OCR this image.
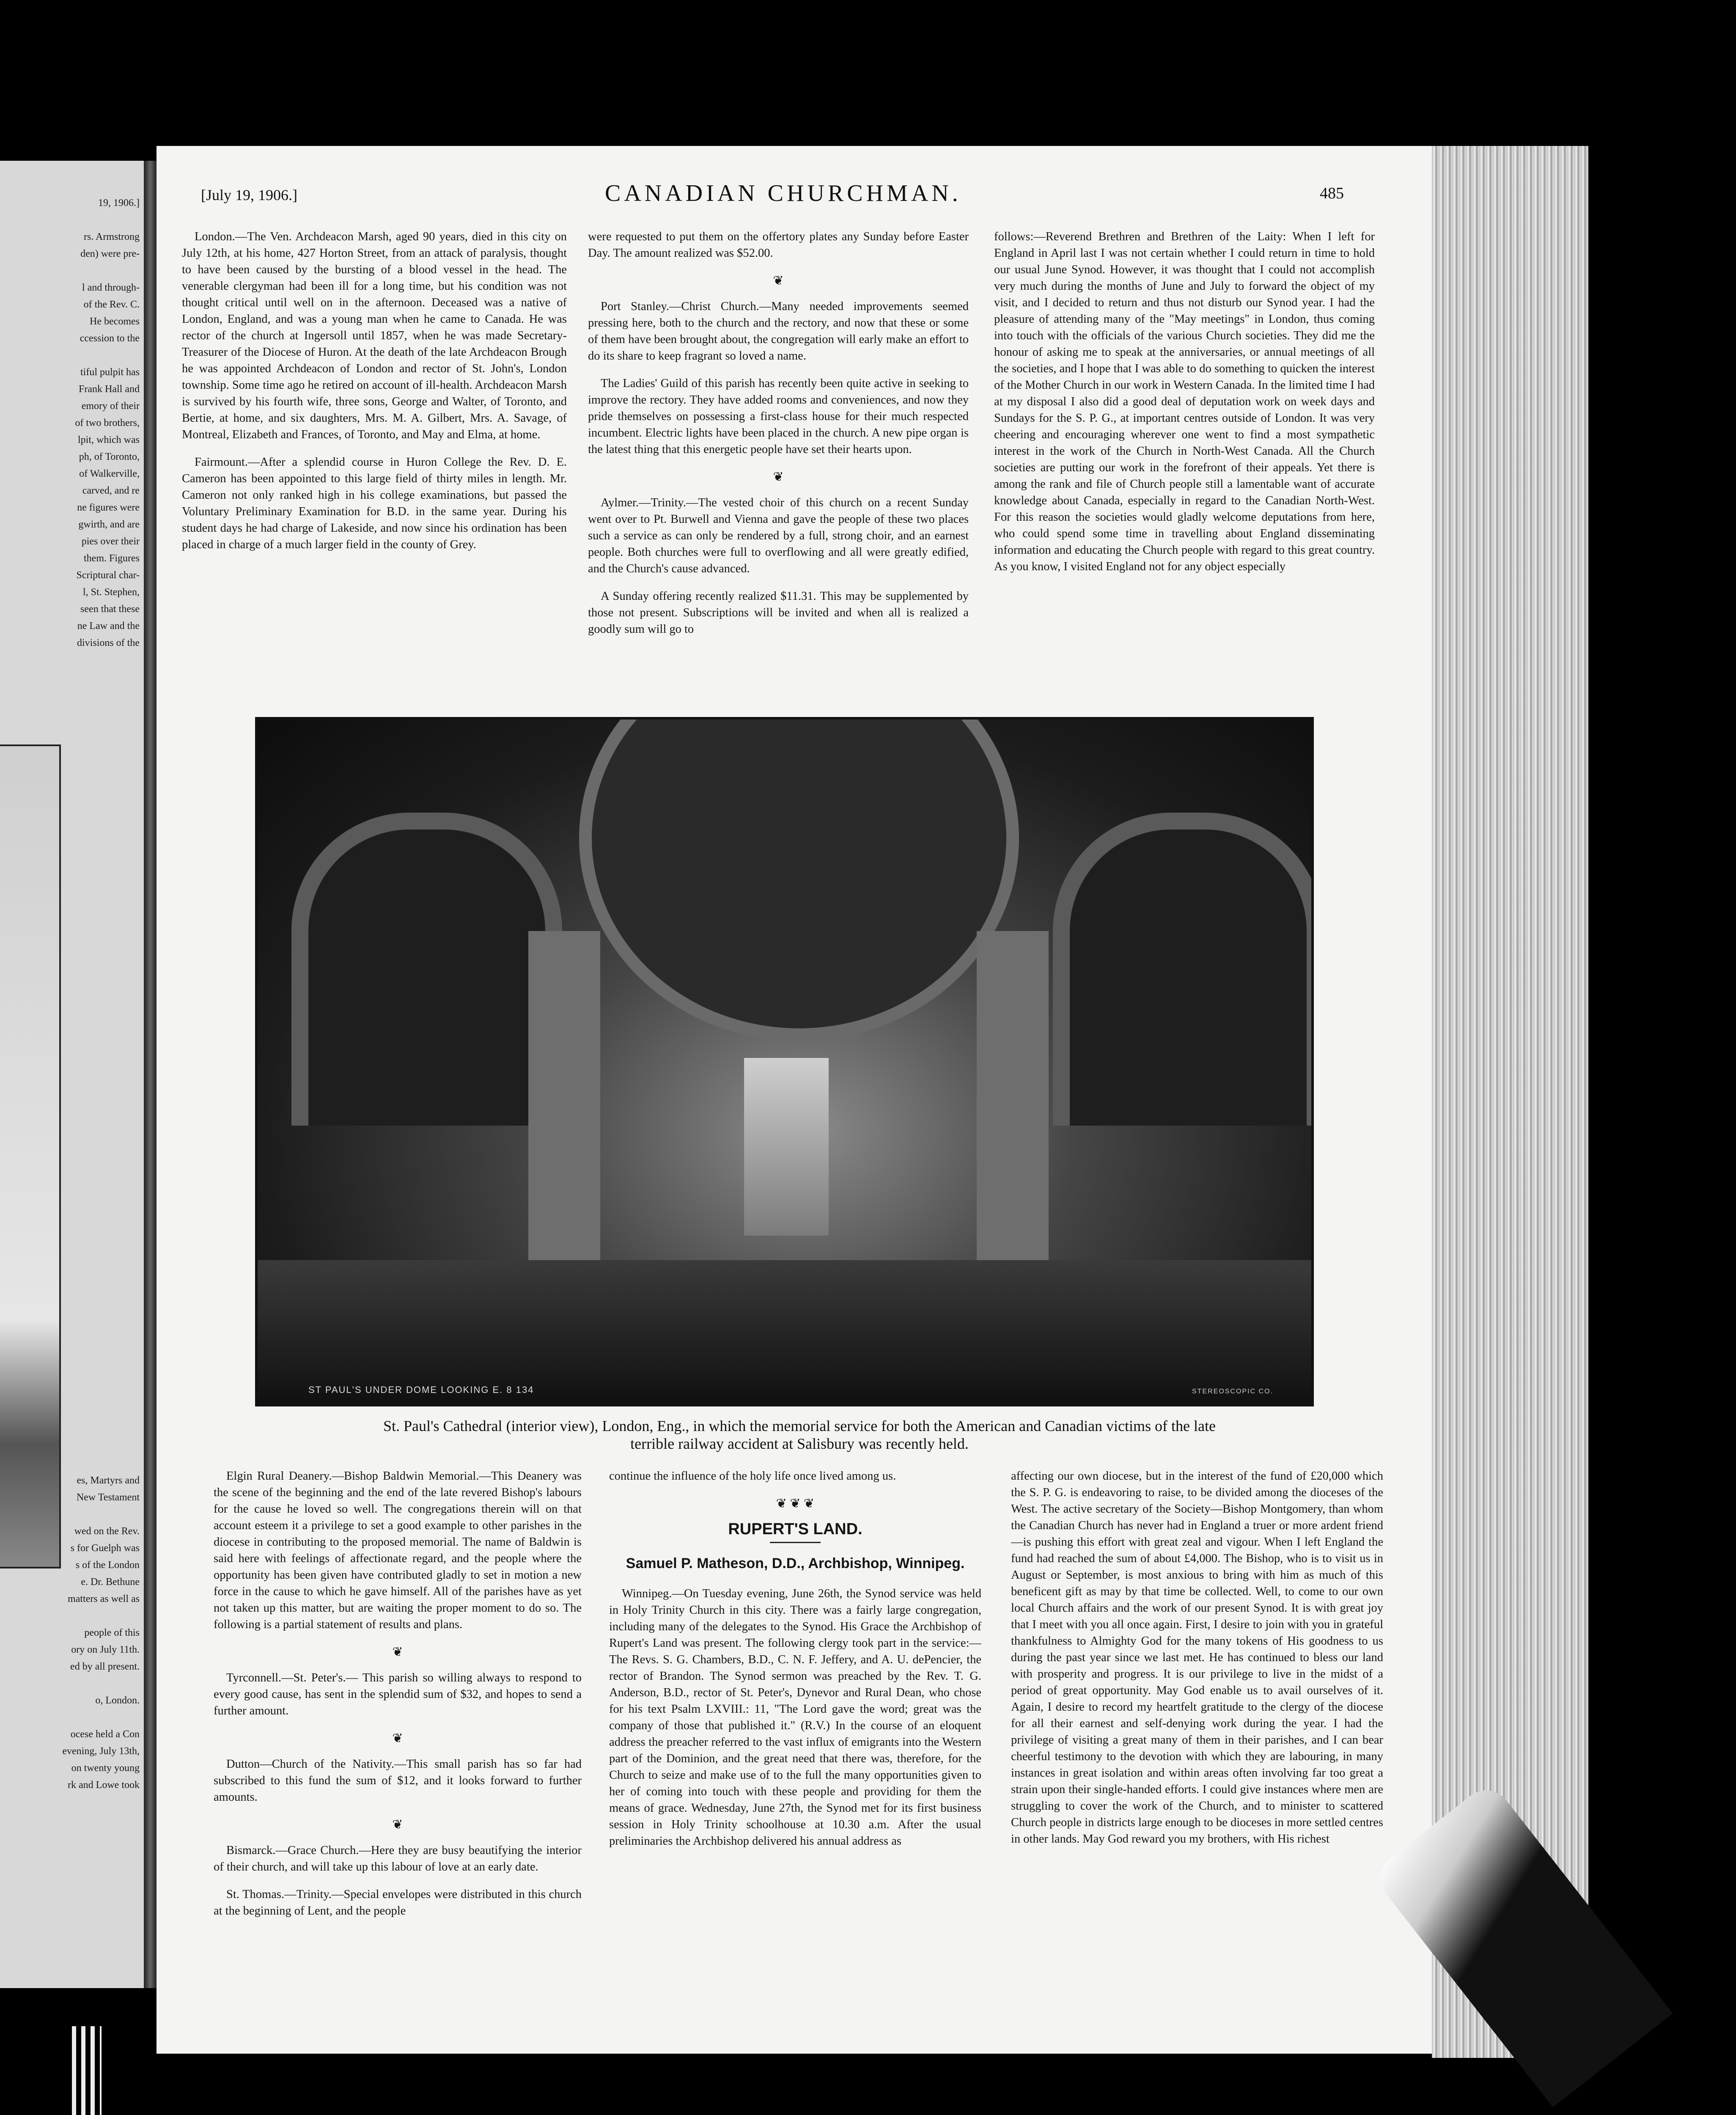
19, 1906.]

rs. Armstrong
den) were pre-

l and through-
of the Rev. C.
He becomes
ccession to the

tiful pulpit has
Frank Hall and
emory of their
of two brothers,
lpit, which was
ph, of Toronto,
of Walkerville,
carved, and re
ne figures were
gwirth, and are
pies over their
them. Figures
Scriptural char-
l, St. Stephen,
seen that these
ne Law and the
divisions of the
es, Martyrs and
New Testament

wed on the Rev.
s for Guelph was
s of the London
e. Dr. Bethune
matters as well as

people of this
ory on July 11th.
ed by all present.

o, London.

ocese held a Con
evening, July 13th,
on twenty young
rk and Lowe took
[July 19, 1906.]	CANADIAN CHURCHMAN.	485

London.—The Ven. Archdeacon Marsh, aged 90 years, died in this city on July 12th, at his home, 427 Horton Street, from an attack of paralysis, thought to have been caused by the bursting of a blood vessel in the head. The venerable clergyman had been ill for a long time, but his condition was not thought critical until well on in the afternoon. Deceased was a native of London, England, and was a young man when he came to Canada. He was rector of the church at Ingersoll until 1857, when he was made Secretary-Treasurer of the Diocese of Huron. At the death of the late Archdeacon Brough he was appointed Archdeacon of London and rector of St. John's, London township. Some time ago he retired on account of ill-health. Archdeacon Marsh is survived by his fourth wife, three sons, George and Walter, of Toronto, and Bertie, at home, and six daughters, Mrs. M. A. Gilbert, Mrs. A. Savage, of Montreal, Elizabeth and Frances, of Toronto, and May and Elma, at home.

Fairmount.—After a splendid course in Huron College the Rev. D. E. Cameron has been appointed to this large field of thirty miles in length. Mr. Cameron not only ranked high in his college examinations, but passed the Voluntary Preliminary Examination for B.D. in the same year. During his student days he had charge of Lakeside, and now since his ordination has been placed in charge of a much larger field in the county of Grey.

were requested to put them on the offertory plates any Sunday before Easter Day. The amount realized was $52.00.

❦

Port Stanley.—Christ Church.—Many needed improvements seemed pressing here, both to the church and the rectory, and now that these or some of them have been brought about, the congregation will early make an effort to do its share to keep fragrant so loved a name.

The Ladies' Guild of this parish has recently been quite active in seeking to improve the rectory. They have added rooms and conveniences, and now they pride themselves on possessing a first-class house for their much respected incumbent. Electric lights have been placed in the church. A new pipe organ is the latest thing that this energetic people have set their hearts upon.

❦

Aylmer.—Trinity.—The vested choir of this church on a recent Sunday went over to Pt. Burwell and Vienna and gave the people of these two places such a service as can only be rendered by a full, strong choir, and an earnest people. Both churches were full to overflowing and all were greatly edified, and the Church's cause advanced.

A Sunday offering recently realized $11.31. This may be supplemented by those not present. Subscriptions will be invited and when all is realized a goodly sum will go to

follows:—Reverend Brethren and Brethren of the Laity: When I left for England in April last I was not certain whether I could return in time to hold our usual June Synod. However, it was thought that I could not accomplish very much during the months of June and July to forward the object of my visit, and I decided to return and thus not disturb our Synod year. I had the pleasure of attending many of the "May meetings" in London, thus coming into touch with the officials of the various Church societies. They did me the honour of asking me to speak at the anniversaries, or annual meetings of all the societies, and I hope that I was able to do something to quicken the interest of the Mother Church in our work in Western Canada. In the limited time I had at my disposal I also did a good deal of deputation work on week days and Sundays for the S. P. G., at important centres outside of London. It was very cheering and encouraging wherever one went to find a most sympathetic interest in the work of the Church in North-West Canada. All the Church societies are putting our work in the forefront of their appeals. Yet there is among the rank and file of Church people still a lamentable want of accurate knowledge about Canada, especially in regard to the Canadian North-West. For this reason the societies would gladly welcome deputations from here, who could spend some time in travelling about England disseminating information and educating the Church people with regard to this great country. As you know, I visited England not for any object especially

ST PAUL'S UNDER DOME LOOKING E. 8 134	STEREOSCOPIC CO.
St. Paul's Cathedral (interior view), London, Eng., in which the memorial service for both the American and Canadian victims of the late terrible railway accident at Salisbury was recently held.

Elgin Rural Deanery.—Bishop Baldwin Memorial.—This Deanery was the scene of the beginning and the end of the late revered Bishop's labours for the cause he loved so well. The congregations therein will on that account esteem it a privilege to set a good example to other parishes in the diocese in contributing to the proposed memorial. The name of Baldwin is said here with feelings of affectionate regard, and the people where the opportunity has been given have contributed gladly to set in motion a new force in the cause to which he gave himself. All of the parishes have as yet not taken up this matter, but are waiting the proper moment to do so. The following is a partial statement of results and plans.

❦

Tyrconnell.—St. Peter's.— This parish so willing always to respond to every good cause, has sent in the splendid sum of $32, and hopes to send a further amount.

❦

Dutton—Church of the Nativity.—This small parish has so far had subscribed to this fund the sum of $12, and it looks forward to further amounts.

❦

Bismarck.—Grace Church.—Here they are busy beautifying the interior of their church, and will take up this labour of love at an early date.

St. Thomas.—Trinity.—Special envelopes were distributed in this church at the beginning of Lent, and the people

continue the influence of the holy life once lived among us.

❦ ❦ ❦
RUPERT'S LAND.
Samuel P. Matheson, D.D., Archbishop, Winnipeg.

Winnipeg.—On Tuesday evening, June 26th, the Synod service was held in Holy Trinity Church in this city. There was a fairly large congregation, including many of the delegates to the Synod. His Grace the Archbishop of Rupert's Land was present. The following clergy took part in the service:—The Revs. S. G. Chambers, B.D., C. N. F. Jeffery, and A. U. dePencier, the rector of Brandon. The Synod sermon was preached by the Rev. T. G. Anderson, B.D., rector of St. Peter's, Dynevor and Rural Dean, who chose for his text Psalm LXVIII.: 11, "The Lord gave the word; great was the company of those that published it." (R.V.) In the course of an eloquent address the preacher referred to the vast influx of emigrants into the Western part of the Dominion, and the great need that there was, therefore, for the Church to seize and make use of to the full the many opportunities given to her of coming into touch with these people and providing for them the means of grace. Wednesday, June 27th, the Synod met for its first business session in Holy Trinity schoolhouse at 10.30 a.m. After the usual preliminaries the Archbishop delivered his annual address as

affecting our own diocese, but in the interest of the fund of £20,000 which the S. P. G. is endeavoring to raise, to be divided among the dioceses of the West. The active secretary of the Society—Bishop Montgomery, than whom the Canadian Church has never had in England a truer or more ardent friend—is pushing this effort with great zeal and vigour. When I left England the fund had reached the sum of about £4,000. The Bishop, who is to visit us in August or September, is most anxious to bring with him as much of this beneficent gift as may by that time be collected. Well, to come to our own local Church affairs and the work of our present Synod. It is with great joy that I meet with you all once again. First, I desire to join with you in grateful thankfulness to Almighty God for the many tokens of His goodness to us during the past year since we last met. He has continued to bless our land with prosperity and progress. It is our privilege to live in the midst of a period of great opportunity. May God enable us to avail ourselves of it. Again, I desire to record my heartfelt gratitude to the clergy of the diocese for all their earnest and self-denying work during the year. I had the privilege of visiting a great many of them in their parishes, and I can bear cheerful testimony to the devotion with which they are labouring, in many instances in great isolation and within areas often involving far too great a strain upon their single-handed efforts. I could give instances where men are struggling to cover the work of the Church, and to minister to scattered Church people in districts large enough to be dioceses in more settled centres in other lands. May God reward you my brothers, with His richest
